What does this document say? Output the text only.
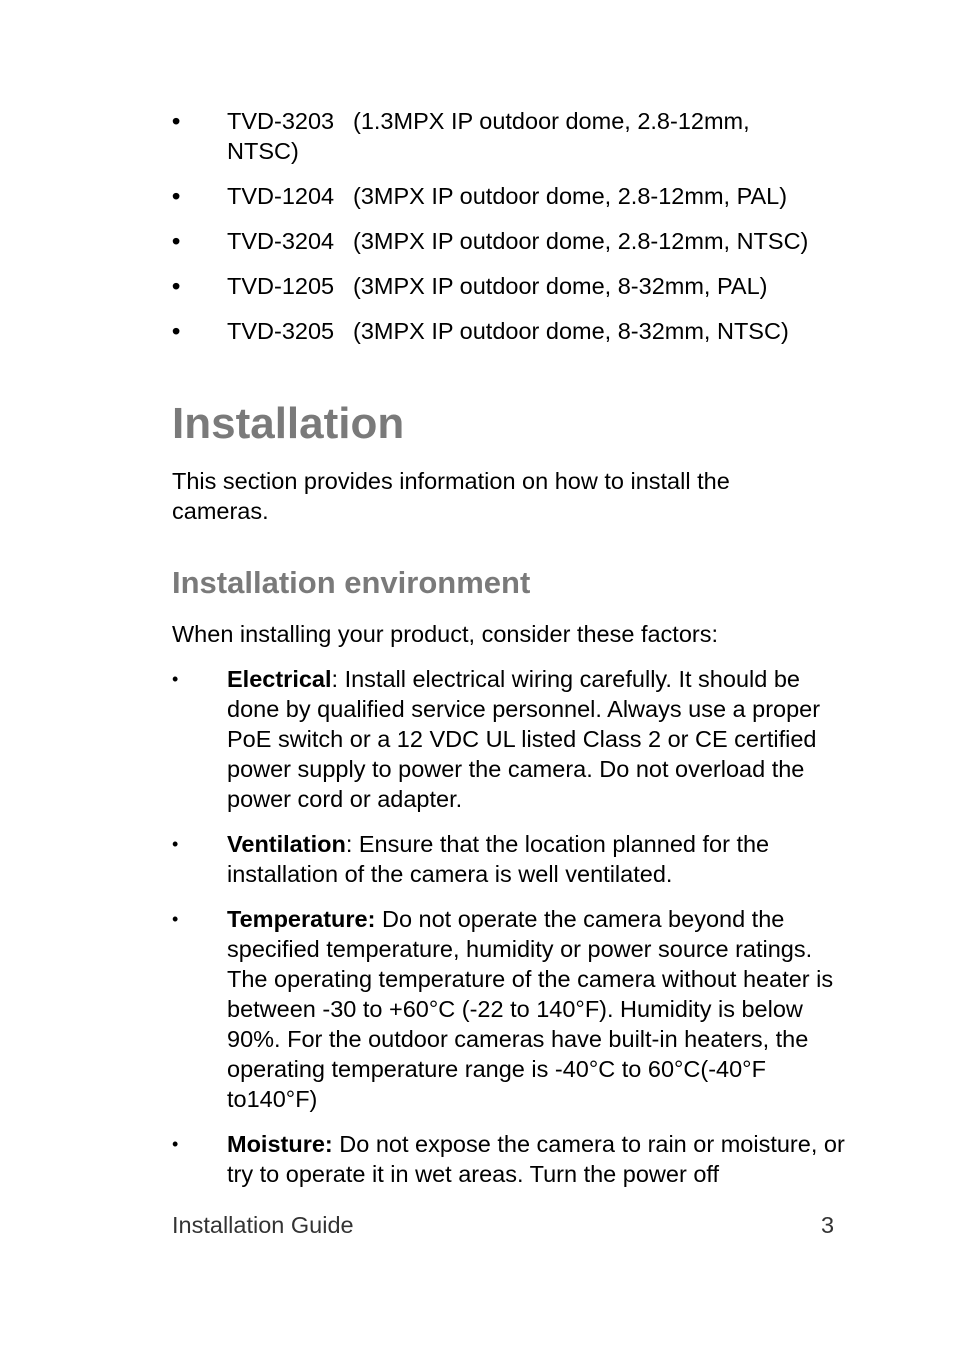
• TVD-3203 (1.3MPX IP outdoor dome, 2.8-12mm,
NTSC)
• TVD-1204 (3MPX IP outdoor dome, 2.8-12mm, PAL)
• TVD-3204 (3MPX IP outdoor dome, 2.8-12mm, NTSC)
• TVD-1205 (3MPX IP outdoor dome, 8-32mm, PAL)
• TVD-3205 (3MPX IP outdoor dome, 8-32mm, NTSC)
Installation

This section provides information on how to install the cameras.

Installation environment

When installing your product, consider these factors:

• Electrical: Install electrical wiring carefully. It should be done by qualified service personnel. Always use a proper PoE switch or a 12 VDC UL listed Class 2 or CE certified power supply to power the camera. Do not overload the power cord or adapter.
• Ventilation: Ensure that the location planned for the installation of the camera is well ventilated.
• Temperature: Do not operate the camera beyond the specified temperature, humidity or power source ratings. The operating temperature of the camera without heater is between -30 to +60°C (-22 to 140°F). Humidity is below 90%. For the outdoor cameras have built-in heaters, the operating temperature range is -40°C to 60°C(-40°F to140°F)
• Moisture: Do not expose the camera to rain or moisture, or try to operate it in wet areas. Turn the power off
Installation Guide	3
